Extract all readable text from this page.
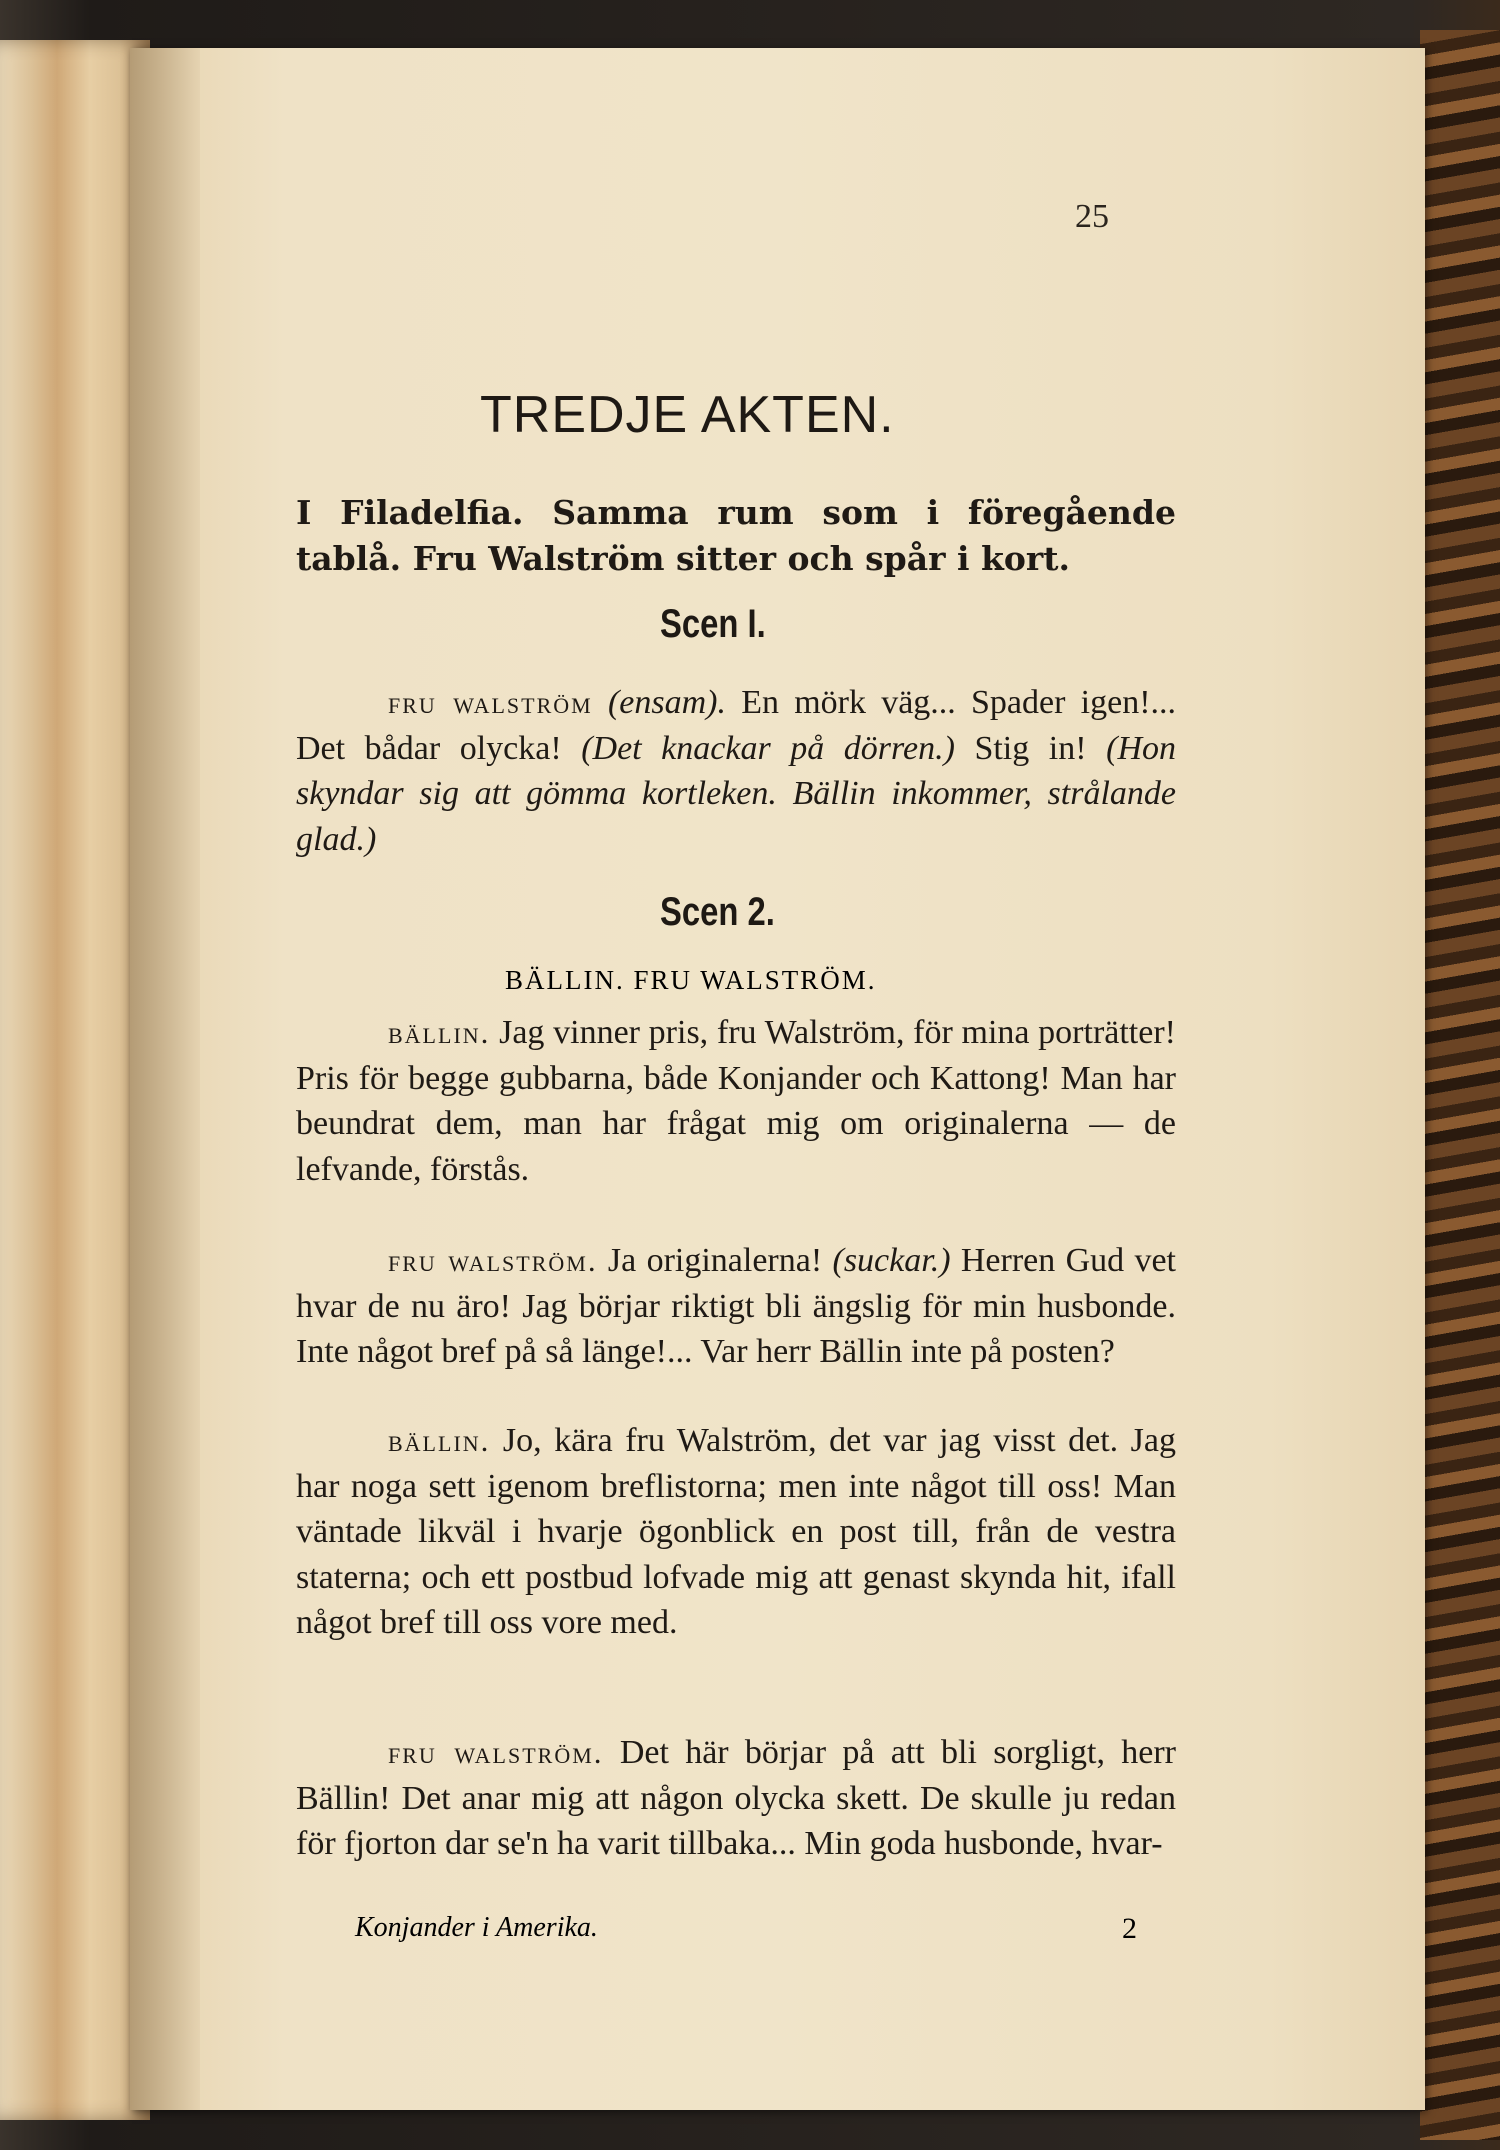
25
TREDJE AKTEN.
I Filadelfia. Samma rum som i föregående tablå. Fru Walström sitter och spår i kort.
Scen I.
fru walström (ensam). En mörk väg... Spader igen!... Det bådar olycka! (Det knackar på dörren.) Stig in! (Hon skyndar sig att gömma kortleken. Bällin inkommer, strålande glad.)
Scen 2.
BÄLLIN. FRU WALSTRÖM.
bällin. Jag vinner pris, fru Walström, för mina porträtter! Pris för begge gubbarna, både Konjander och Kattong! Man har beundrat dem, man har frågat mig om originalerna — de lefvande, förstås.
fru walström. Ja originalerna! (suckar.) Herren Gud vet hvar de nu äro! Jag börjar riktigt bli ängslig för min husbonde. Inte något bref på så länge!... Var herr Bällin inte på posten?
bällin. Jo, kära fru Walström, det var jag visst det. Jag har noga sett igenom breflistorna; men inte något till oss! Man väntade likväl i hvarje ögonblick en post till, från de vestra staterna; och ett postbud lofvade mig att genast skynda hit, ifall något bref till oss vore med.
fru walström. Det här börjar på att bli sorgligt, herr Bällin! Det anar mig att någon olycka skett. De skulle ju redan för fjorton dar se'n ha varit tillbaka... Min goda husbonde, hvar-
Konjander i Amerika.	2
